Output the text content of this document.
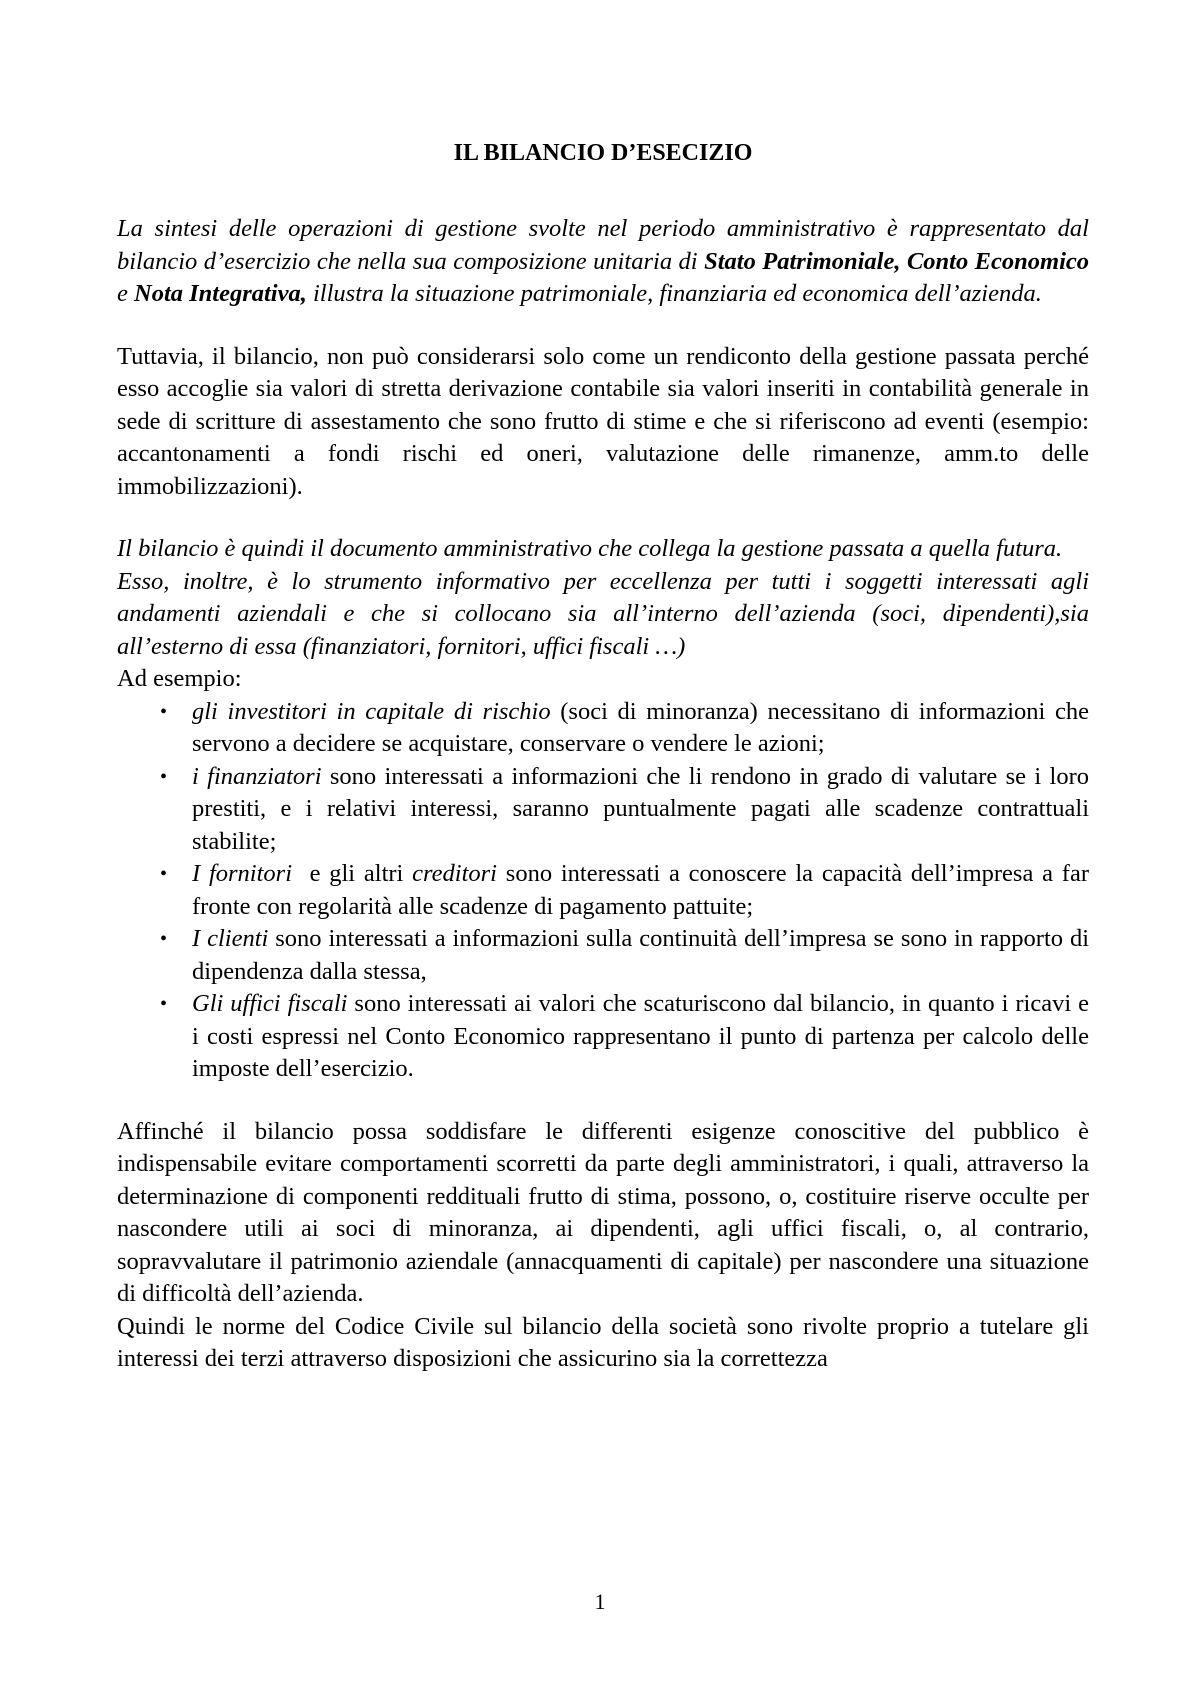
IL BILANCIO D’ESECIZIO

La sintesi delle operazioni di gestione svolte nel periodo amministrativo è rappresentato dal bilancio d’esercizio che nella sua composizione unitaria di Stato Patrimoniale, Conto Economico e Nota Integrativa, illustra la situazione patrimoniale, finanziaria ed economica dell’azienda.

Tuttavia, il bilancio, non può considerarsi solo come un rendiconto della gestione passata perché esso accoglie sia valori di stretta derivazione contabile sia valori inseriti in contabilità generale in sede di scritture di assestamento che sono frutto di stime e che si riferiscono ad eventi (esempio: accantonamenti a fondi rischi ed oneri, valutazione delle rimanenze, amm.to delle immobilizzazioni).

Il bilancio è quindi il documento amministrativo che collega la gestione passata a quella futura.

Esso, inoltre, è lo strumento informativo per eccellenza per tutti i soggetti interessati agli andamenti aziendali e che si collocano sia all’interno dell’azienda (soci, dipendenti),sia all’esterno di essa (finanziatori, fornitori, uffici fiscali …)

Ad esempio:

• gli investitori in capitale di rischio (soci di minoranza) necessitano di informazioni che servono a decidere se acquistare, conservare o vendere le azioni;
• i finanziatori sono interessati a informazioni che li rendono in grado di valutare se i loro prestiti, e i relativi interessi, saranno puntualmente pagati alle scadenze contrattuali stabilite;
• I fornitori  e gli altri creditori sono interessati a conoscere la capacità dell’impresa a far fronte con regolarità alle scadenze di pagamento pattuite;
• I clienti sono interessati a informazioni sulla continuità dell’impresa se sono in rapporto di dipendenza dalla stessa,
• Gli uffici fiscali sono interessati ai valori che scaturiscono dal bilancio, in quanto i ricavi e i costi espressi nel Conto Economico rappresentano il punto di partenza per calcolo delle imposte dell’esercizio.

Affinché il bilancio possa soddisfare le differenti esigenze conoscitive del pubblico è indispensabile evitare comportamenti scorretti da parte degli amministratori, i quali, attraverso la determinazione di componenti reddituali frutto di stima, possono, o, costituire riserve occulte per nascondere utili ai soci di minoranza, ai dipendenti, agli uffici fiscali, o, al contrario, sopravvalutare il patrimonio aziendale (annacquamenti di capitale) per nascondere una situazione di difficoltà dell’azienda.

Quindi le norme del Codice Civile sul bilancio della società sono rivolte proprio a tutelare gli interessi dei terzi attraverso disposizioni che assicurino sia la correttezza

1
